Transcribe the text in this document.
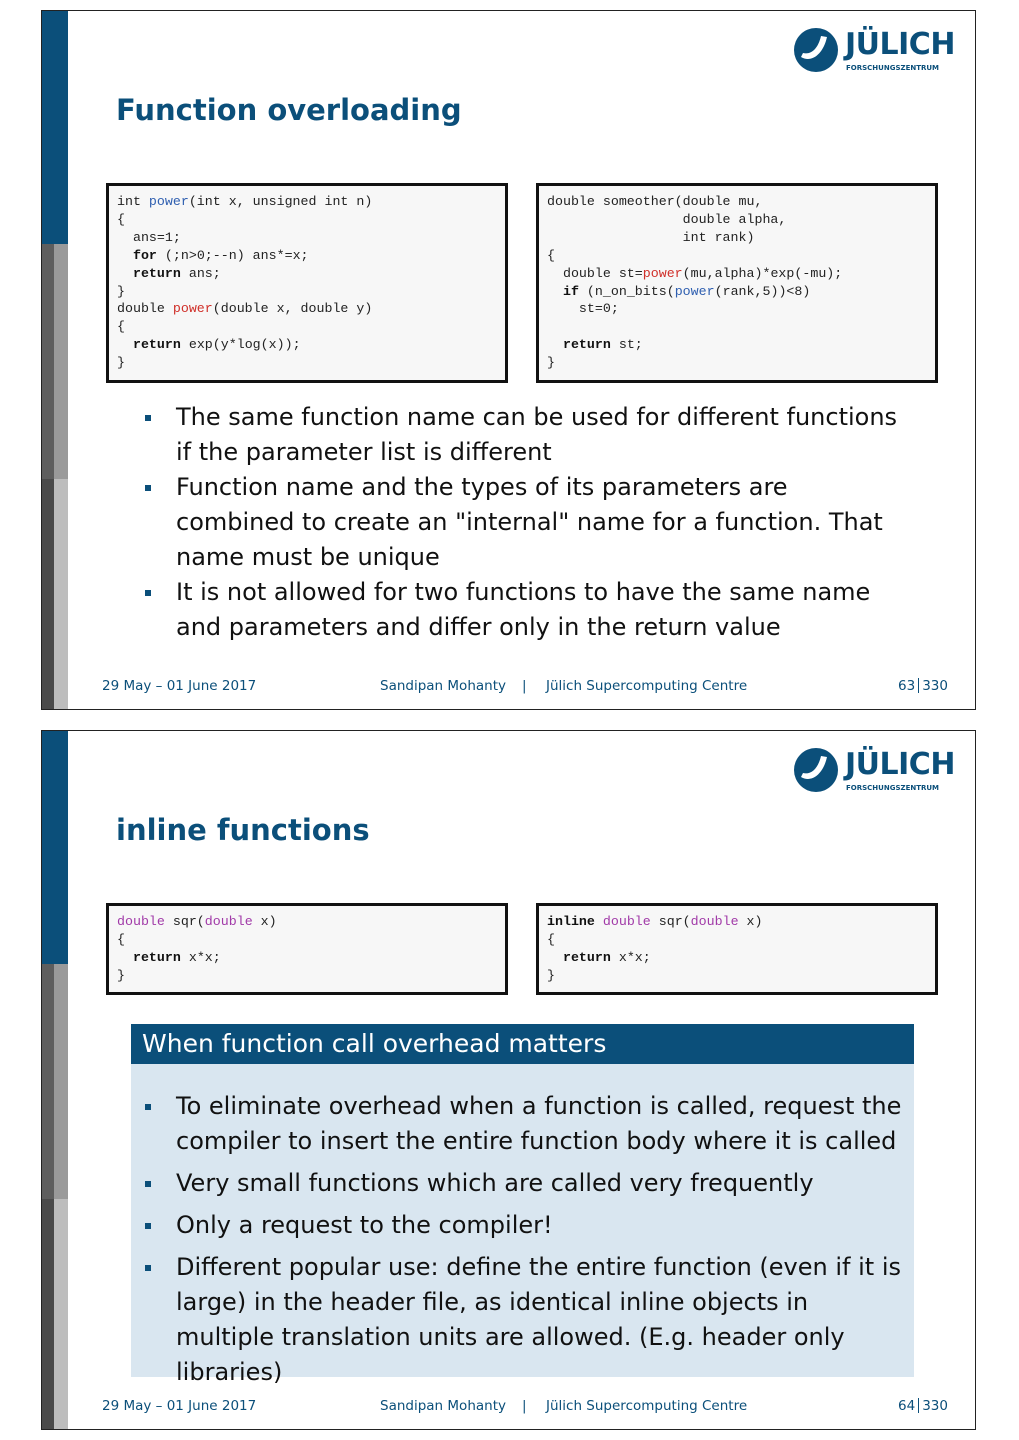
JÜLICH
FORSCHUNGSZENTRUM
Function overloading
int power(int x, unsigned int n)
{
ans=1;
for (;n>0;--n) ans*=x;
return ans;
}
double power(double x, double y)
{
return exp(y*log(x));
}
double someother(double mu,
double alpha,
int rank)
{
double st=power(mu,alpha)*exp(-mu);
if (n_on_bits(power(rank,5))<8)
st=0;

return st;
}
The same function name can be used for different functions if the parameter list is different
Function name and the types of its parameters are combined to create an "internal" name for a function. That name must be unique
It is not allowed for two functions to have the same name and parameters and differ only in the return value
29 May – 01 June 2017	Sandipan Mohanty | Jülich Supercomputing Centre	63 330
JÜLICH
FORSCHUNGSZENTRUM
inline functions
double sqr(double x)
{
return x*x;
}
inline double sqr(double x)
{
return x*x;
}
When function call overhead matters
To eliminate overhead when a function is called, request the compiler to insert the entire function body where it is called
Very small functions which are called very frequently
Only a request to the compiler!
Different popular use: define the entire function (even if it is large) in the header file, as identical inline objects in multiple translation units are allowed. (E.g. header only libraries)
29 May – 01 June 2017	Sandipan Mohanty | Jülich Supercomputing Centre	64 330
